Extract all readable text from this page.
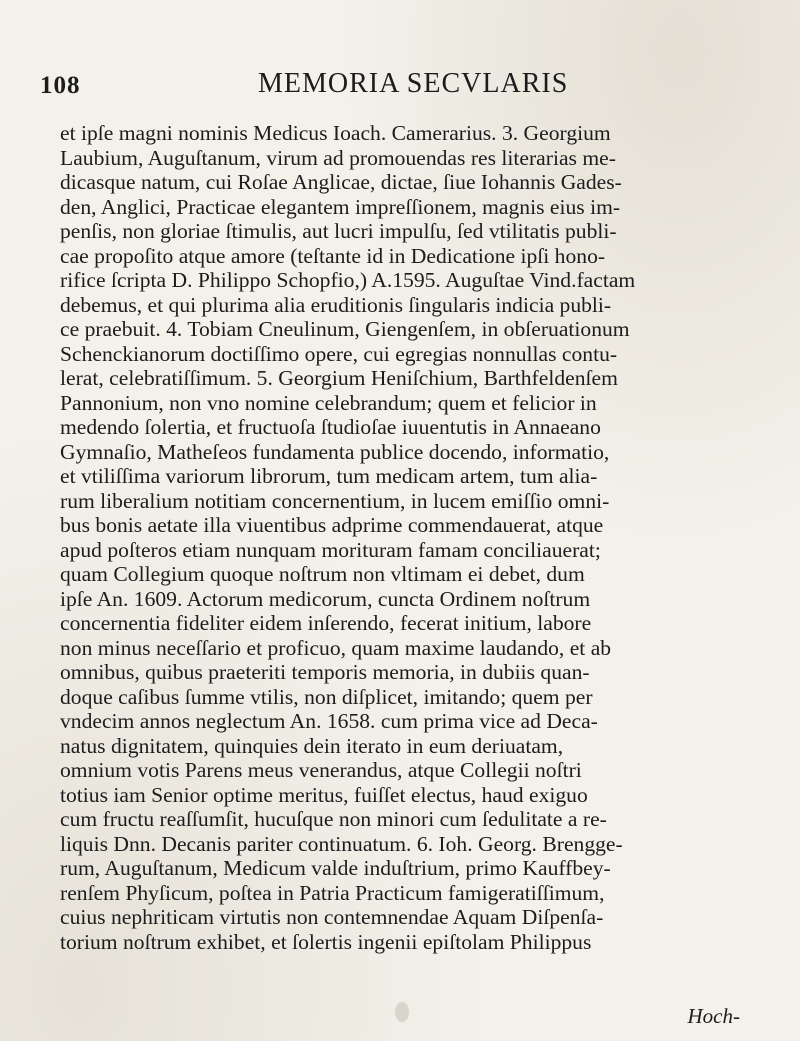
108	MEMORIA SECVLARIS
et ipſe magni nominis Medicus Ioach. Camerarius. 3. Georgium
Laubium, Auguſtanum, virum ad promouendas res literarias me-
dicasque natum, cui Roſae Anglicae, dictae, ſiue Iohannis Gades-
den, Anglici, Practicae elegantem impreſſionem, magnis eius im-
penſis, non gloriae ſtimulis, aut lucri impulſu, ſed vtilitatis publi-
cae propoſito atque amore (teſtante id in Dedicatione ipſi hono-
rifice ſcripta D. Philippo Schopfio,) A.1595. Auguſtae Vind.factam
debemus, et qui plurima alia eruditionis ſingularis indicia publi-
ce praebuit. 4. Tobiam Cneulinum, Giengenſem, in obſeruationum
Schenckianorum doctiſſimo opere, cui egregias nonnullas contu-
lerat, celebratiſſimum. 5. Georgium Heniſchium, Barthfeldenſem
Pannonium, non vno nomine celebrandum; quem et felicior in
medendo ſolertia, et fructuoſa ſtudioſae iuuentutis in Annaeano
Gymnaſio, Matheſeos fundamenta publice docendo, informatio,
et vtiliſſima variorum librorum, tum medicam artem, tum alia-
rum liberalium notitiam concernentium, in lucem emiſſio omni-
bus bonis aetate illa viuentibus adprime commendauerat, atque
apud poſteros etiam nunquam morituram famam conciliauerat;
quam Collegium quoque noſtrum non vltimam ei debet, dum
ipſe An. 1609. Actorum medicorum, cuncta Ordinem noſtrum
concernentia fideliter eidem inſerendo, fecerat initium, labore
non minus neceſſario et proficuo, quam maxime laudando, et ab
omnibus, quibus praeteriti temporis memoria, in dubiis quan-
doque caſibus ſumme vtilis, non diſplicet, imitando; quem per
vndecim annos neglectum An. 1658. cum prima vice ad Deca-
natus dignitatem, quinquies dein iterato in eum deriuatam,
omnium votis Parens meus venerandus, atque Collegii noſtri
totius iam Senior optime meritus, fuiſſet electus, haud exiguo
cum fructu reaſſumſit, hucuſque non minori cum ſedulitate a re-
liquis Dnn. Decanis pariter continuatum. 6. Ioh. Georg. Brengge-
rum, Auguſtanum, Medicum valde induſtrium, primo Kauffbey-
renſem Phyſicum, poſtea in Patria Practicum famigeratiſſimum,
cuius nephriticam virtutis non contemnendae Aquam Diſpenſa-
torium noſtrum exhibet, et ſolertis ingenii epiſtolam Philippus
Hoch-
